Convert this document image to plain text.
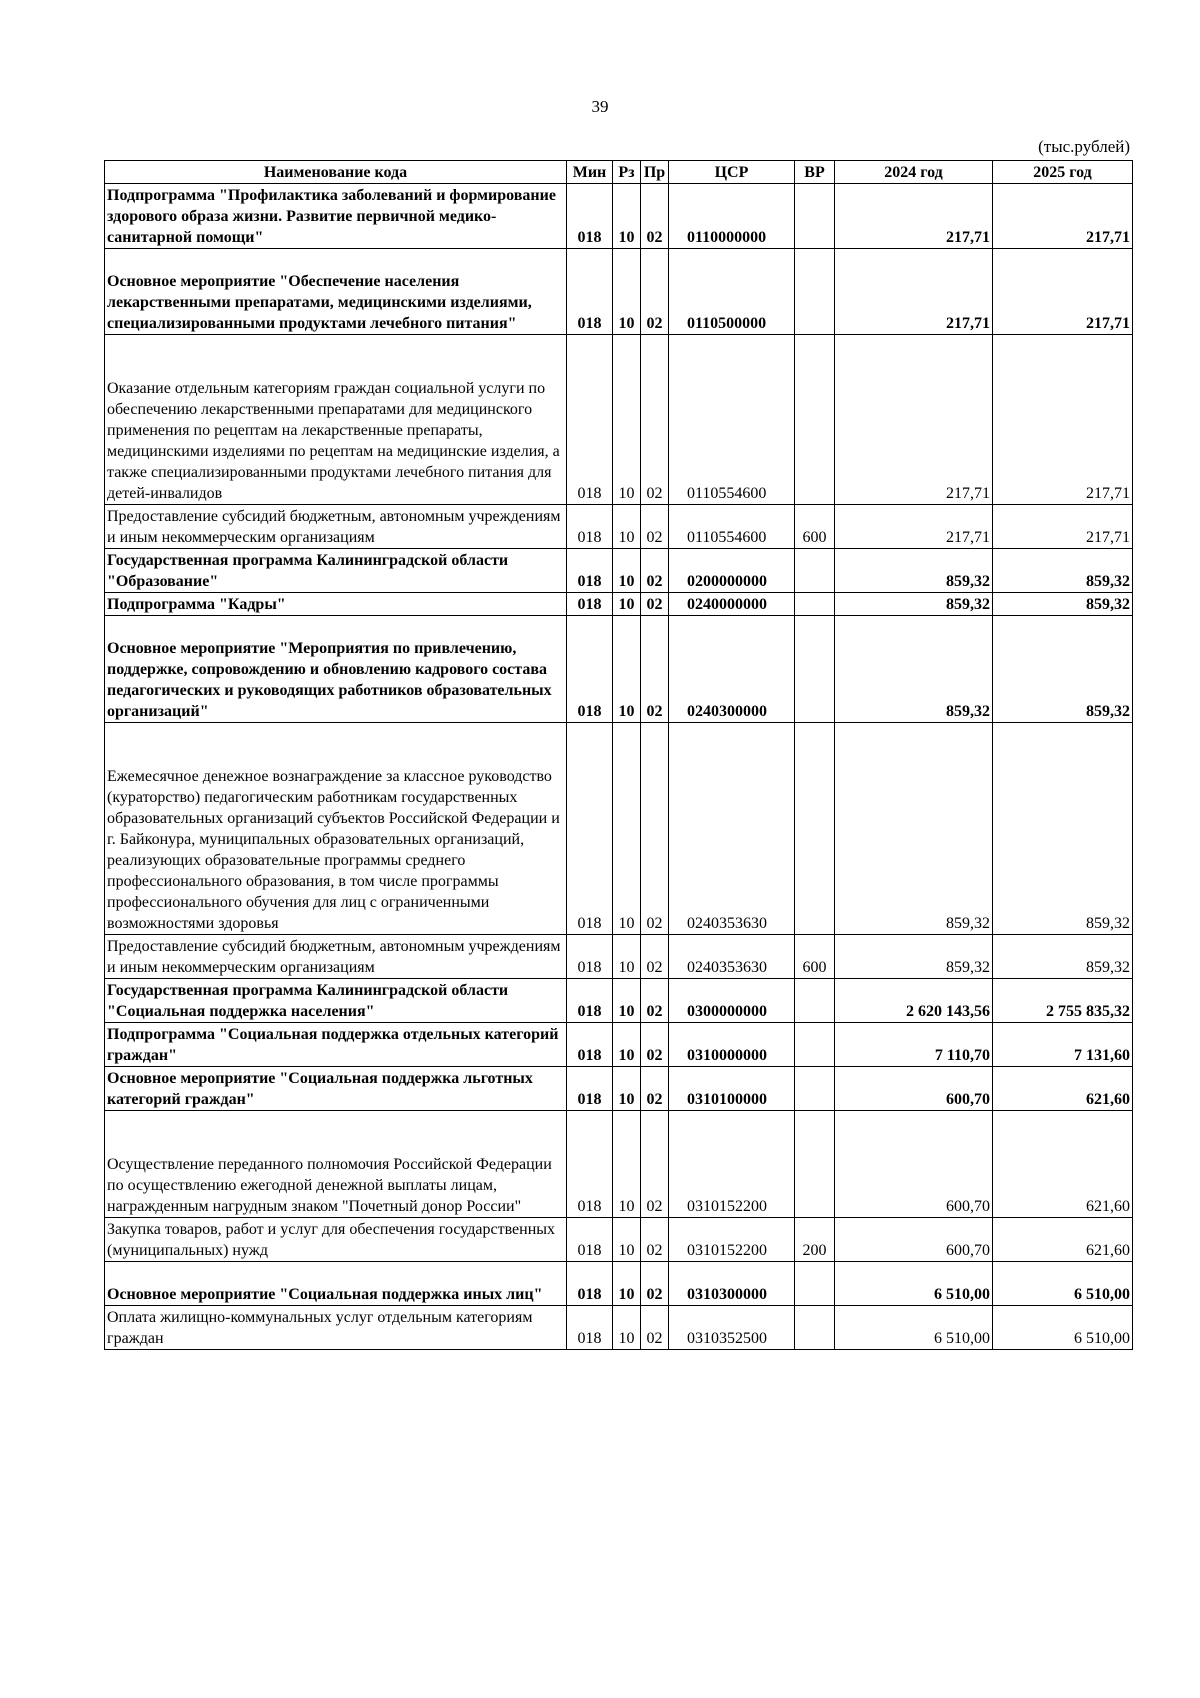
39
(тыс.рублей)
Наименование кода	Мин	Рз	Пр	ЦСР	ВР	2024 год	2025 год
Подпрограмма "Профилактика заболеваний и формирование здорового образа жизни. Развитие первичной медико-санитарной помощи"	018	10	02	0110000000		217,71	217,71
Основное мероприятие "Обеспечение населения лекарственными препаратами, медицинскими изделиями, специализированными продуктами лечебного питания"	018	10	02	0110500000		217,71	217,71
Оказание отдельным категориям граждан социальной услуги по обеспечению лекарственными препаратами для медицинского применения по рецептам на лекарственные препараты, медицинскими изделиями по рецептам на медицинские изделия, а также специализированными продуктами лечебного питания для детей-инвалидов	018	10	02	0110554600		217,71	217,71
Предоставление субсидий бюджетным, автономным учреждениям и иным некоммерческим организациям	018	10	02	0110554600	600	217,71	217,71
Государственная программа Калининградской области "Образование"	018	10	02	0200000000		859,32	859,32
Подпрограмма "Кадры"	018	10	02	0240000000		859,32	859,32
Основное мероприятие "Мероприятия по привлечению, поддержке, сопровождению и обновлению кадрового состава педагогических и руководящих работников образовательных организаций"	018	10	02	0240300000		859,32	859,32
Ежемесячное денежное вознаграждение за классное руководство (кураторство) педагогическим работникам государственных образовательных организаций субъектов Российской Федерации и г. Байконура, муниципальных образовательных организаций, реализующих образовательные программы среднего профессионального образования, в том числе программы профессионального обучения для лиц с ограниченными возможностями здоровья	018	10	02	0240353630		859,32	859,32
Предоставление субсидий бюджетным, автономным учреждениям и иным некоммерческим организациям	018	10	02	0240353630	600	859,32	859,32
Государственная программа Калининградской области "Социальная поддержка населения"	018	10	02	0300000000		2 620 143,56	2 755 835,32
Подпрограмма "Социальная поддержка отдельных категорий граждан"	018	10	02	0310000000		7 110,70	7 131,60
Основное мероприятие "Социальная поддержка льготных категорий граждан"	018	10	02	0310100000		600,70	621,60
Осуществление переданного полномочия Российской Федерации по осуществлению ежегодной денежной выплаты лицам, награжденным нагрудным знаком "Почетный донор России"	018	10	02	0310152200		600,70	621,60
Закупка товаров, работ и услуг для обеспечения государственных (муниципальных) нужд	018	10	02	0310152200	200	600,70	621,60
Основное мероприятие "Социальная поддержка иных лиц"	018	10	02	0310300000		6 510,00	6 510,00
Оплата жилищно-коммунальных услуг отдельным категориям граждан	018	10	02	0310352500		6 510,00	6 510,00
